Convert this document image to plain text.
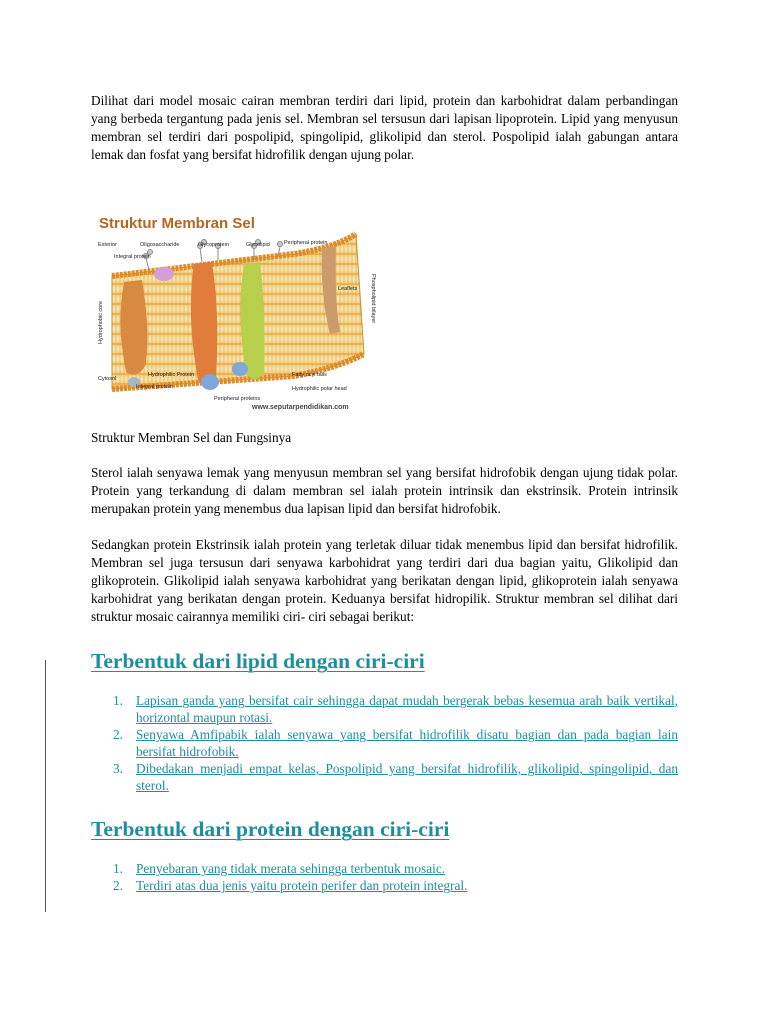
Dilihat dari model mosaic cairan membran terdiri dari lipid, protein dan karbohidrat dalam perbandingan yang berbeda tergantung pada jenis sel. Membran sel tersusun dari lapisan lipoprotein. Lipid yang menyusun membran sel terdiri dari pospolipid, spingolipid, glikolipid dan sterol. Pospolipid ialah gabungan antara lemak dan fosfat yang bersifat hidrofilik dengan ujung polar.

Struktur Membran Sel
Exterior	Oligosaccharide	Glycoprotein	Glycolipid	Peripheral protein
Integral protein
Leaflets
Cytosol
Hydrophilic Protein
Integral protein
Peripheral proteins
Fatty acyl tails
Hydrophilic polar head
Hydrophobic core	Phospholipid bilayer
www.seputarpendidikan.com
Struktur Membran Sel dan Fungsinya

Sterol ialah senyawa lemak yang menyusun membran sel yang bersifat hidrofobik dengan ujung tidak polar. Protein yang terkandung di dalam membran sel ialah protein intrinsik dan ekstrinsik. Protein intrinsik merupakan protein yang menembus dua lapisan lipid dan bersifat hidrofobik.

Sedangkan protein Ekstrinsik ialah protein yang terletak diluar tidak menembus lipid dan bersifat hidrofilik. Membran sel juga tersusun dari senyawa karbohidrat yang terdiri dari dua bagian yaitu, Glikolipid dan glikoprotein. Glikolipid ialah senyawa karbohidrat yang berikatan dengan lipid, glikoprotein ialah senyawa karbohidrat yang berikatan dengan protein. Keduanya bersifat hidropilik. Struktur membran sel dilihat dari struktur mosaic cairannya memiliki ciri- ciri sebagai berikut:

Terbentuk dari lipid dengan ciri-ciri
1. Lapisan ganda yang bersifat cair sehingga dapat mudah bergerak bebas kesemua arah baik vertikal, horizontal maupun rotasi.
2. Senyawa Amfipabik ialah senyawa yang bersifat hidrofilik disatu bagian dan pada bagian lain bersifat hidrofobik.
3. Dibedakan menjadi empat kelas, Pospolipid yang bersifat hidrofilik, glikolipid, spingolipid, dan sterol.
Terbentuk dari protein dengan ciri-ciri
1. Penyebaran yang tidak merata sehingga terbentuk mosaic.
2. Terdiri atas dua jenis yaitu protein perifer dan protein integral.
